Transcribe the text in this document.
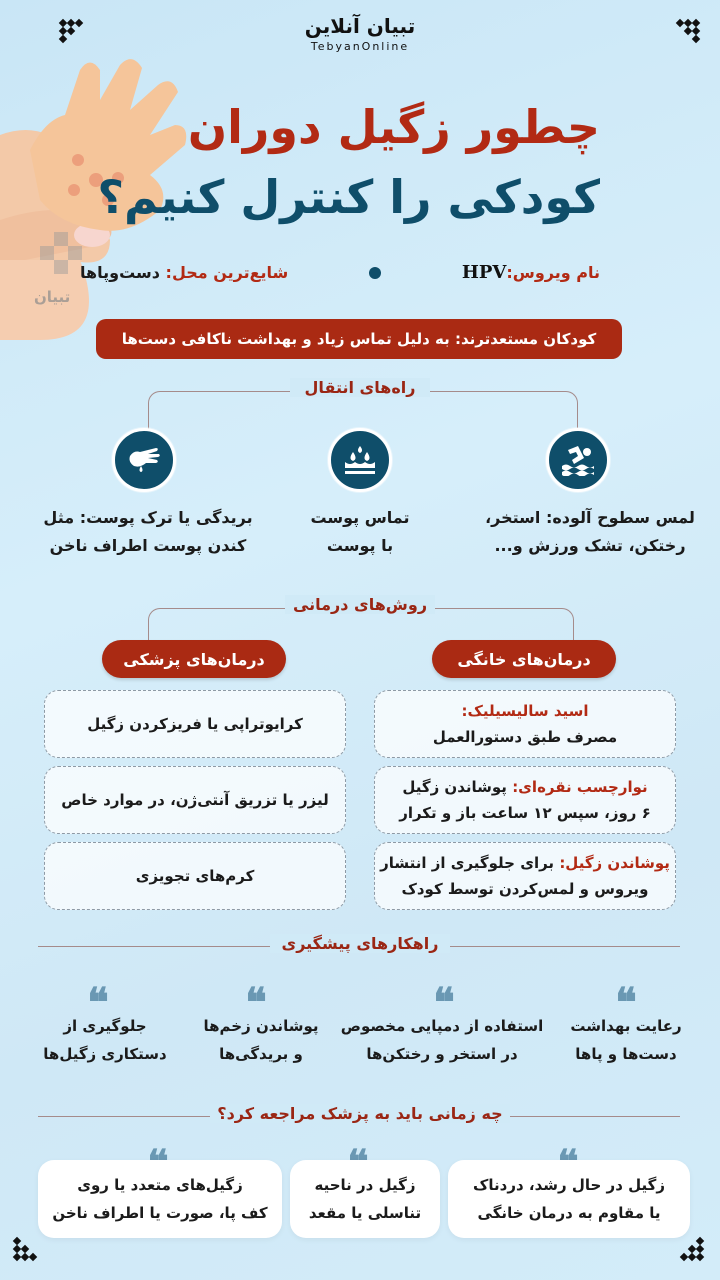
تبیان آنلاین
TebyanOnline
تبیان
چطور زگیل دوران
کودکی را کنترل کنیم؟
نام ویروس:HPV
شایع‌ترین محل: دست‌وپاها
کودکان مستعدترند: به دلیل تماس زیاد و بهداشت ناکافی دست‌ها
راه‌های انتقال
لمس سطوح آلوده: استخر،
رختکن، تشک ورزش و...
تماس پوست
با پوست
بریدگی یا ترک پوست: مثل
کندن پوست اطراف ناخن
روش‌های درمانی
درمان‌های خانگی
درمان‌های پزشکی
اسید سالیسیلیک:
مصرف طبق دستورالعمل
نوارچسب نقره‌ای: پوشاندن زگیل
۶ روز، سپس ۱۲ ساعت باز و تکرار
پوشاندن زگیل: برای جلوگیری از انتشار
ویروس و لمس‌کردن توسط کودک
کرایوتراپی یا فریزکردن زگیل
لیزر یا تزریق آنتی‌ژن، در موارد خاص
کرم‌های تجویزی
راهکارهای پیشگیری
❝
❝
❝
❝	رعایت بهداشت
دست‌ها و پاها
استفاده از دمپایی مخصوص
در استخر و رختکن‌ها
پوشاندن زخم‌ها
و بریدگی‌ها
جلوگیری از
دستکاری زگیل‌ها
چه زمانی باید به پزشک مراجعه کرد؟
زگیل در حال رشد، دردناک
یا مقاوم به درمان خانگی
زگیل در ناحیه
تناسلی یا مقعد
زگیل‌های متعدد یا روی
کف پا، صورت یا اطراف ناخن
